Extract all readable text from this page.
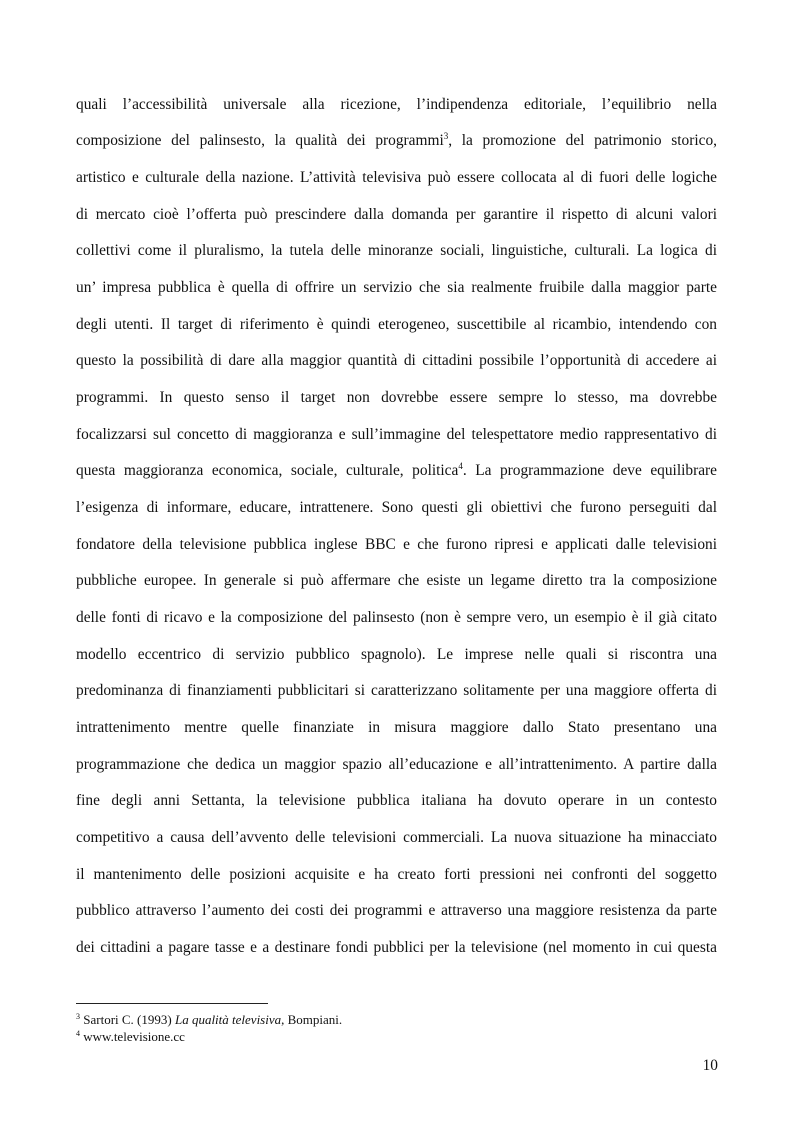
quali l’accessibilità universale alla ricezione, l’indipendenza editoriale, l’equilibrio nella
composizione del palinsesto, la qualità dei programmi$^3$, la promozione del patrimonio storico,
artistico e culturale della nazione. L’attività televisiva può essere collocata al di fuori delle logiche
di mercato cioè l’offerta può prescindere dalla domanda per garantire il rispetto di alcuni valori
collettivi come il pluralismo, la tutela delle minoranze sociali, linguistiche, culturali. La logica di
un’ impresa pubblica è quella di offrire un servizio che sia realmente fruibile dalla maggior parte
degli utenti. Il target di riferimento è quindi eterogeneo, suscettibile al ricambio, intendendo con
questo la possibilità di dare alla maggior quantità di cittadini possibile l’opportunità di accedere ai
programmi. In questo senso il target non dovrebbe essere sempre lo stesso, ma dovrebbe
focalizzarsi sul concetto di maggioranza e sull’immagine del telespettatore medio rappresentativo di
questa maggioranza economica, sociale, culturale, politica$^4$. La programmazione deve equilibrare
l’esigenza di informare, educare, intrattenere. Sono questi gli obiettivi che furono perseguiti dal
fondatore della televisione pubblica inglese BBC e che furono ripresi e applicati dalle televisioni
pubbliche europee. In generale si può affermare che esiste un legame diretto tra la composizione
delle fonti di ricavo e la composizione del palinsesto (non è sempre vero, un esempio è il già citato
modello eccentrico di servizio pubblico spagnolo). Le imprese nelle quali si riscontra una
predominanza di finanziamenti pubblicitari si caratterizzano solitamente per una maggiore offerta di
intrattenimento mentre quelle finanziate in misura maggiore dallo Stato presentano una
programmazione che dedica un maggior spazio all’educazione e all’intrattenimento. A partire dalla
fine degli anni Settanta, la televisione pubblica italiana ha dovuto operare in un contesto
competitivo a causa dell’avvento delle televisioni commerciali. La nuova situazione ha minacciato
il mantenimento delle posizioni acquisite e ha creato forti pressioni nei confronti del soggetto
pubblico attraverso l’aumento dei costi dei programmi e attraverso una maggiore resistenza da parte
dei cittadini a pagare tasse e a destinare fondi pubblici per la televisione (nel momento in cui questa
$^3$ Sartori C. (1993) La qualità televisiva, Bompiani.
$^4$ www.televisione.cc
10
